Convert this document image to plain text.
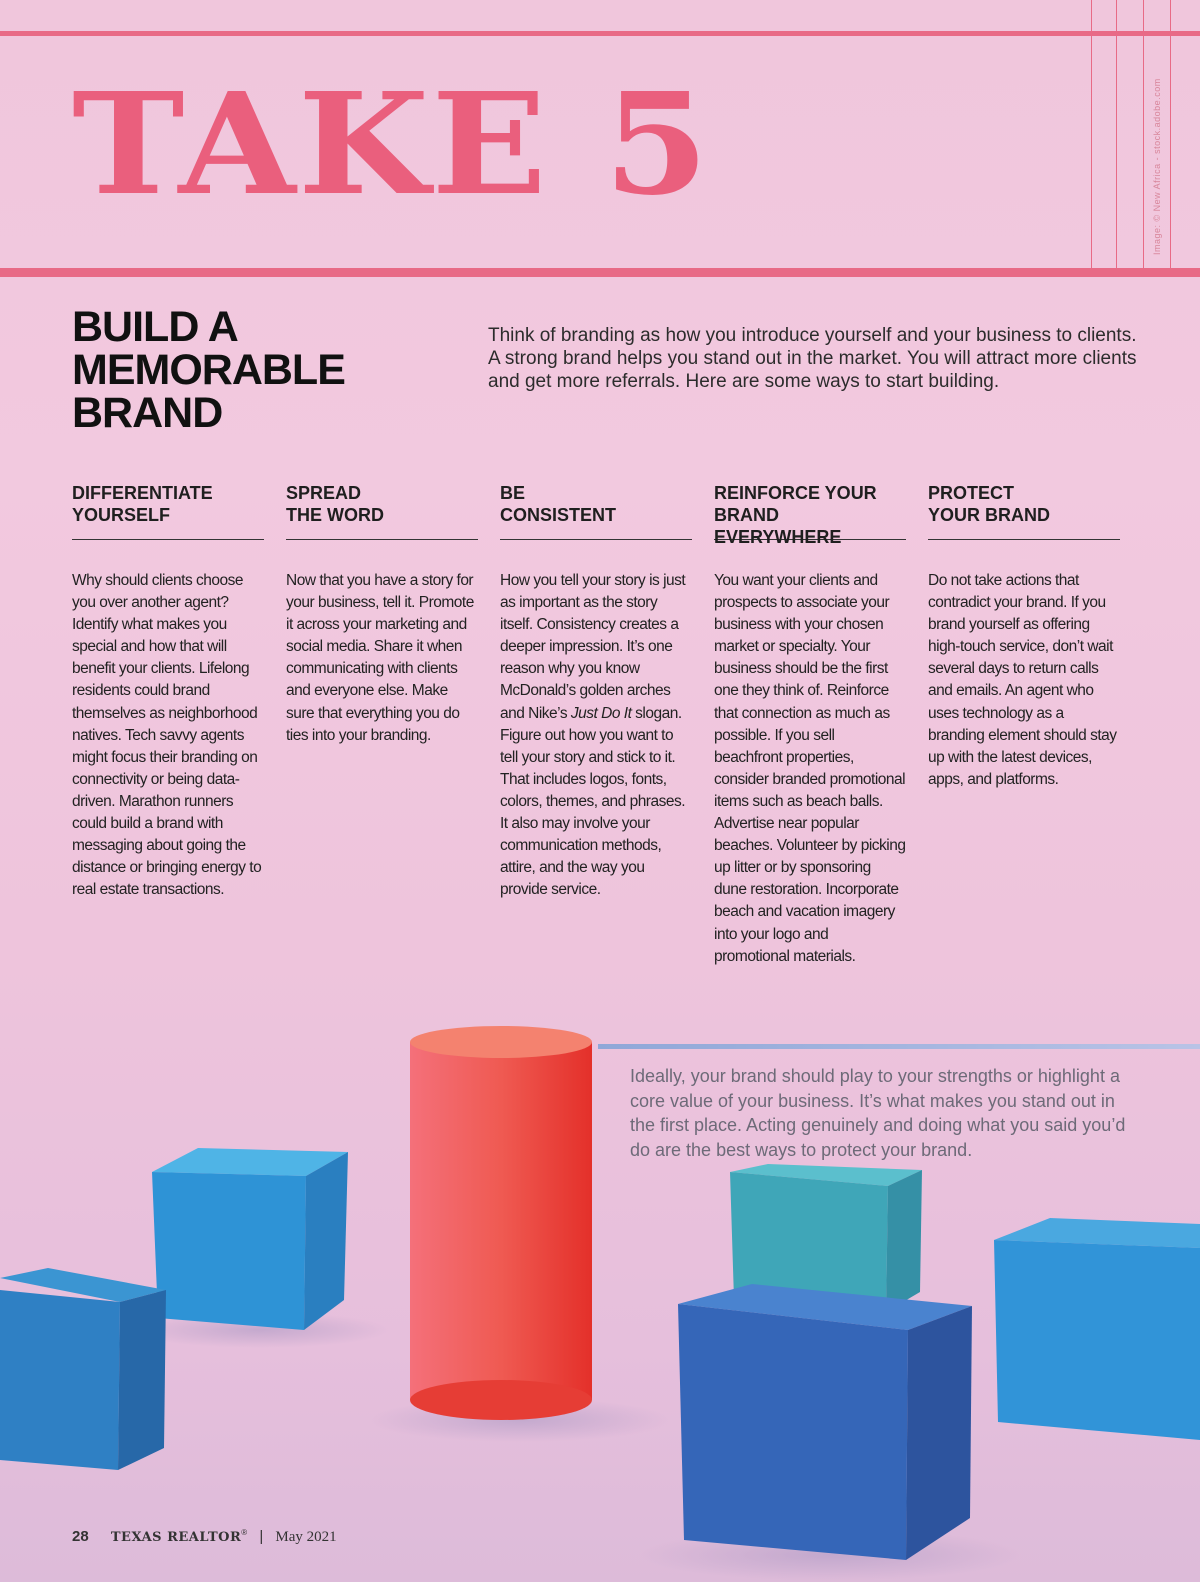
TAKE 5	Image: © New Africa - stock.adobe.com
BUILD A MEMORABLE BRAND

Think of branding as how you introduce yourself and your business to clients. A strong brand helps you stand out in the market. You will attract more clients and get more referrals. Here are some ways to start building.

DIFFERENTIATE
YOURSELF

Why should clients choose you over another agent? Identify what makes you special and how that will benefit your clients. Lifelong residents could brand themselves as neighborhood natives. Tech savvy agents might focus their branding on connectivity or being data-driven. Marathon runners could build a brand with messaging about going the distance or bringing energy to real estate transactions.

SPREAD
THE WORD

Now that you have a story for your business, tell it. Promote it across your marketing and social media. Share it when communicating with clients and everyone else. Make sure that everything you do ties into your branding.

BE
CONSISTENT

How you tell your story is just as important as the story itself. Consistency creates a deeper impression. It’s one reason why you know McDonald’s golden arches and Nike’s Just Do It slogan. Figure out how you want to tell your story and stick to it. That includes logos, fonts, colors, themes, and phrases. It also may involve your communication methods, attire, and the way you provide service.

REINFORCE YOUR
BRAND EVERYWHERE

You want your clients and prospects to associate your business with your chosen market or specialty. Your business should be the first one they think of. Reinforce that connection as much as possible. If you sell beachfront properties, consider branded promotional items such as beach balls. Advertise near popular beaches. Volunteer by picking up litter or by sponsoring dune restoration. Incorporate beach and vacation imagery into your logo and promotional materials.

PROTECT
YOUR BRAND

Do not take actions that contradict your brand. If you brand yourself as offering high-touch service, don’t wait several days to return calls and emails. An agent who uses technology as a branding element should stay up with the latest devices, apps, and platforms.

Ideally, your brand should play to your strengths or highlight a core value of your business. It’s what makes you stand out in the first place. Acting genuinely and doing what you said you’d do are the best ways to protect your brand.

28 TEXAS REALTOR® | May 2021
